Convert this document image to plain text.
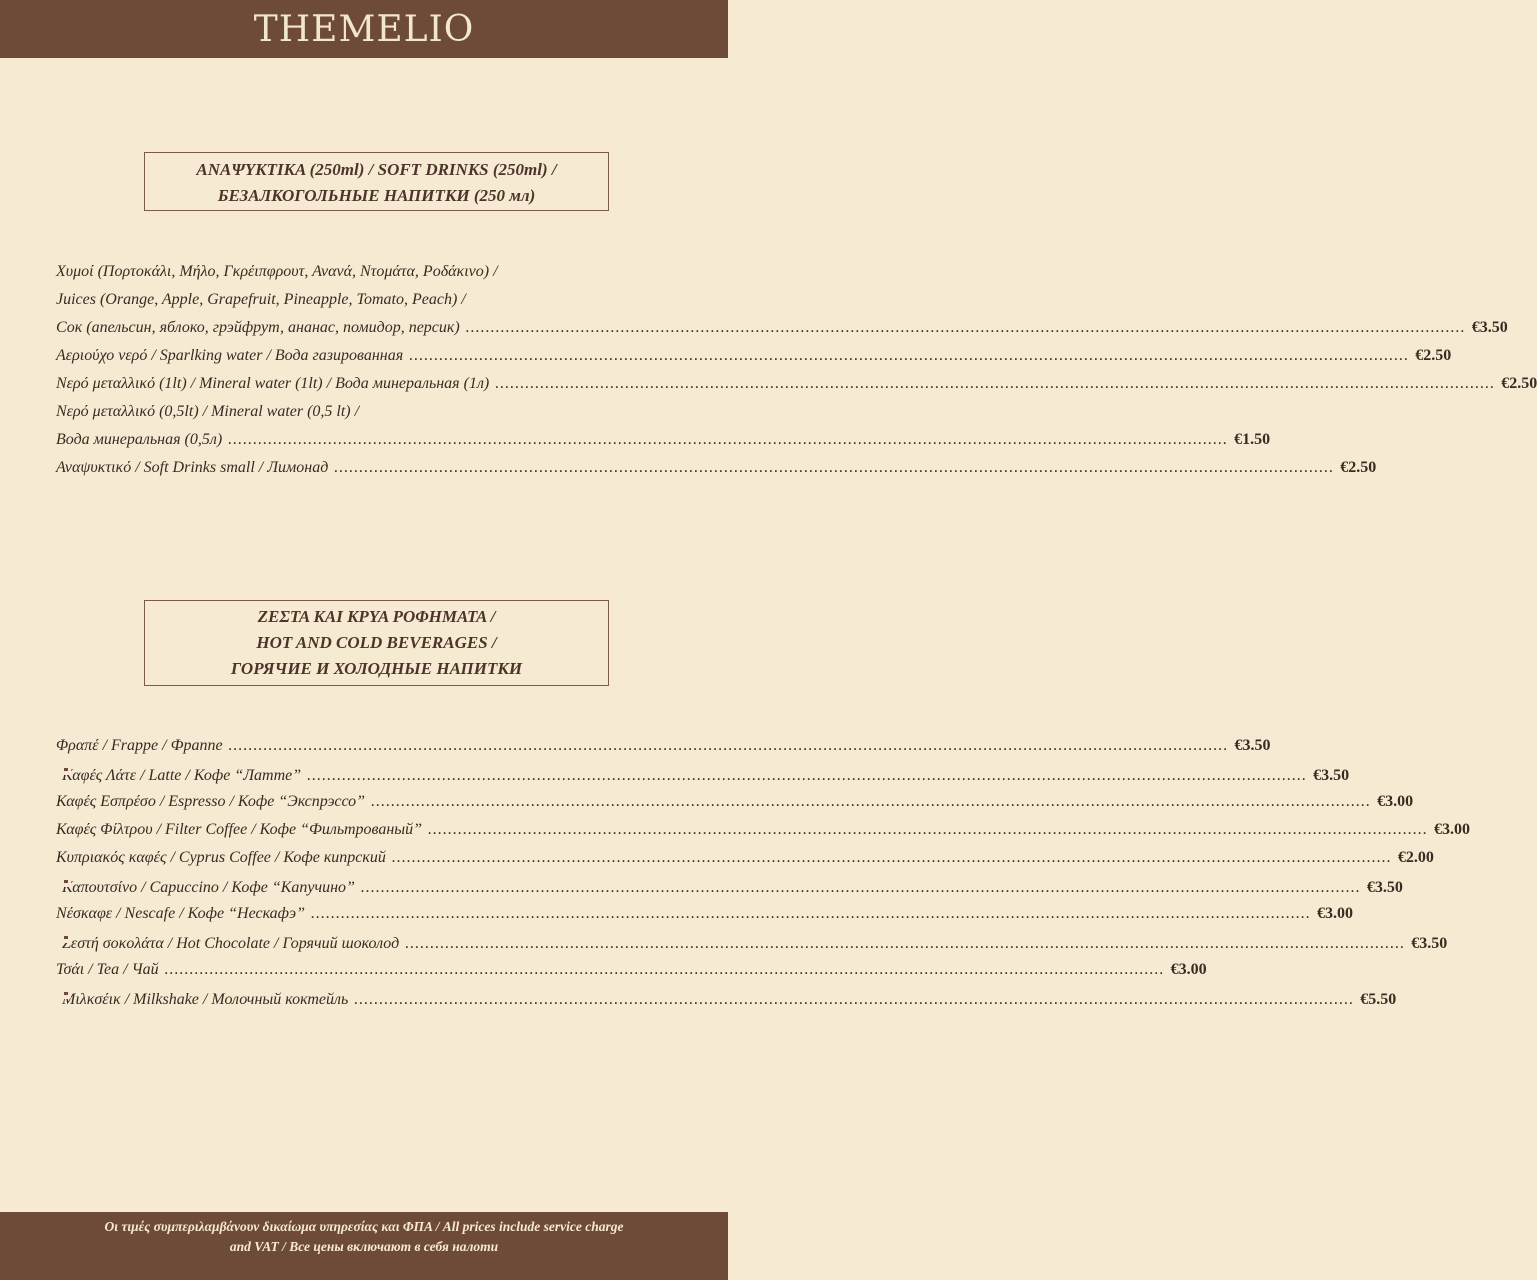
THEMELIO
ΑΝΑΨΥΚΤΙΚΑ (250ml) / SOFT DRINKS (250ml) /
БЕЗАЛКОГОЛЬНЫЕ НАПИТКИ (250 мл)
Χυμοί (Πορτοκάλι, Μήλο, Γκρέιπφρουτ, Ανανά, Ντομάτα, Ροδάκινο) /
Juices (Orange, Apple, Grapefruit, Pineapple, Tomato, Peach) /
Сок (апельсин, яблоко, грэйфрут, ананас, помидор, персик) ........................................................................................................................................................................................................ €3.50
Αεριούχο νερό / Sparlking water / Вода газированная ........................................................................................................................................................................................................ €2.50
Νερό μεταλλικό (1lt) / Mineral water (1lt) / Вода минеральная (1л) ........................................................................................................................................................................................................ €2.50
Νερό μεταλλικό (0,5lt) / Mineral water (0,5 lt) /
Вода минеральная (0,5л) ........................................................................................................................................................................................................ €1.50
Αναψυκτικό / Soft Drinks small / Лимонад ........................................................................................................................................................................................................ €2.50
ΖΕΣΤΑ ΚΑΙ ΚΡΥΑ ΡΟΦΗΜΑΤΑ /
HOT AND COLD BEVERAGES /
ГОРЯЧИЕ И ХОЛОДНЫЕ НАПИТКИ
Φραπέ / Frappe / Фраппе ........................................................................................................................................................................................................ €3.50
Καφές Λάτε / Latte / Кофе “Латте” ........................................................................................................................................................................................................ €3.50
Καφές Εσπρέσο / Espresso / Кофе “Экспрэссо” ........................................................................................................................................................................................................ €3.00
Καφές Φίλτρου / Filter Coffee / Кофе “Фильтрованый” ........................................................................................................................................................................................................ €3.00
Κυπριακός καφές / Cyprus Coffee / Кофе кипрский ........................................................................................................................................................................................................ €2.00
Καπουτσίνο / Capuccino / Кофе “Капучино” ........................................................................................................................................................................................................ €3.50
Νέσκαφε / Nescafe / Кофе “Нескафэ” ........................................................................................................................................................................................................ €3.00
Ζεστή σοκολάτα / Hot Chocolate / Горячий шоколод ........................................................................................................................................................................................................ €3.50
Τσάι / Tea / Чай ........................................................................................................................................................................................................ €3.00
Μιλκσέικ / Milkshake / Молочный коктейль ........................................................................................................................................................................................................ €5.50
Οι τιμές συμπεριλαμβάνουν δικαίωμα υπηρεσίας και ΦΠΑ / All prices include service charge
and VAT / Все цены включают в себя налоти
